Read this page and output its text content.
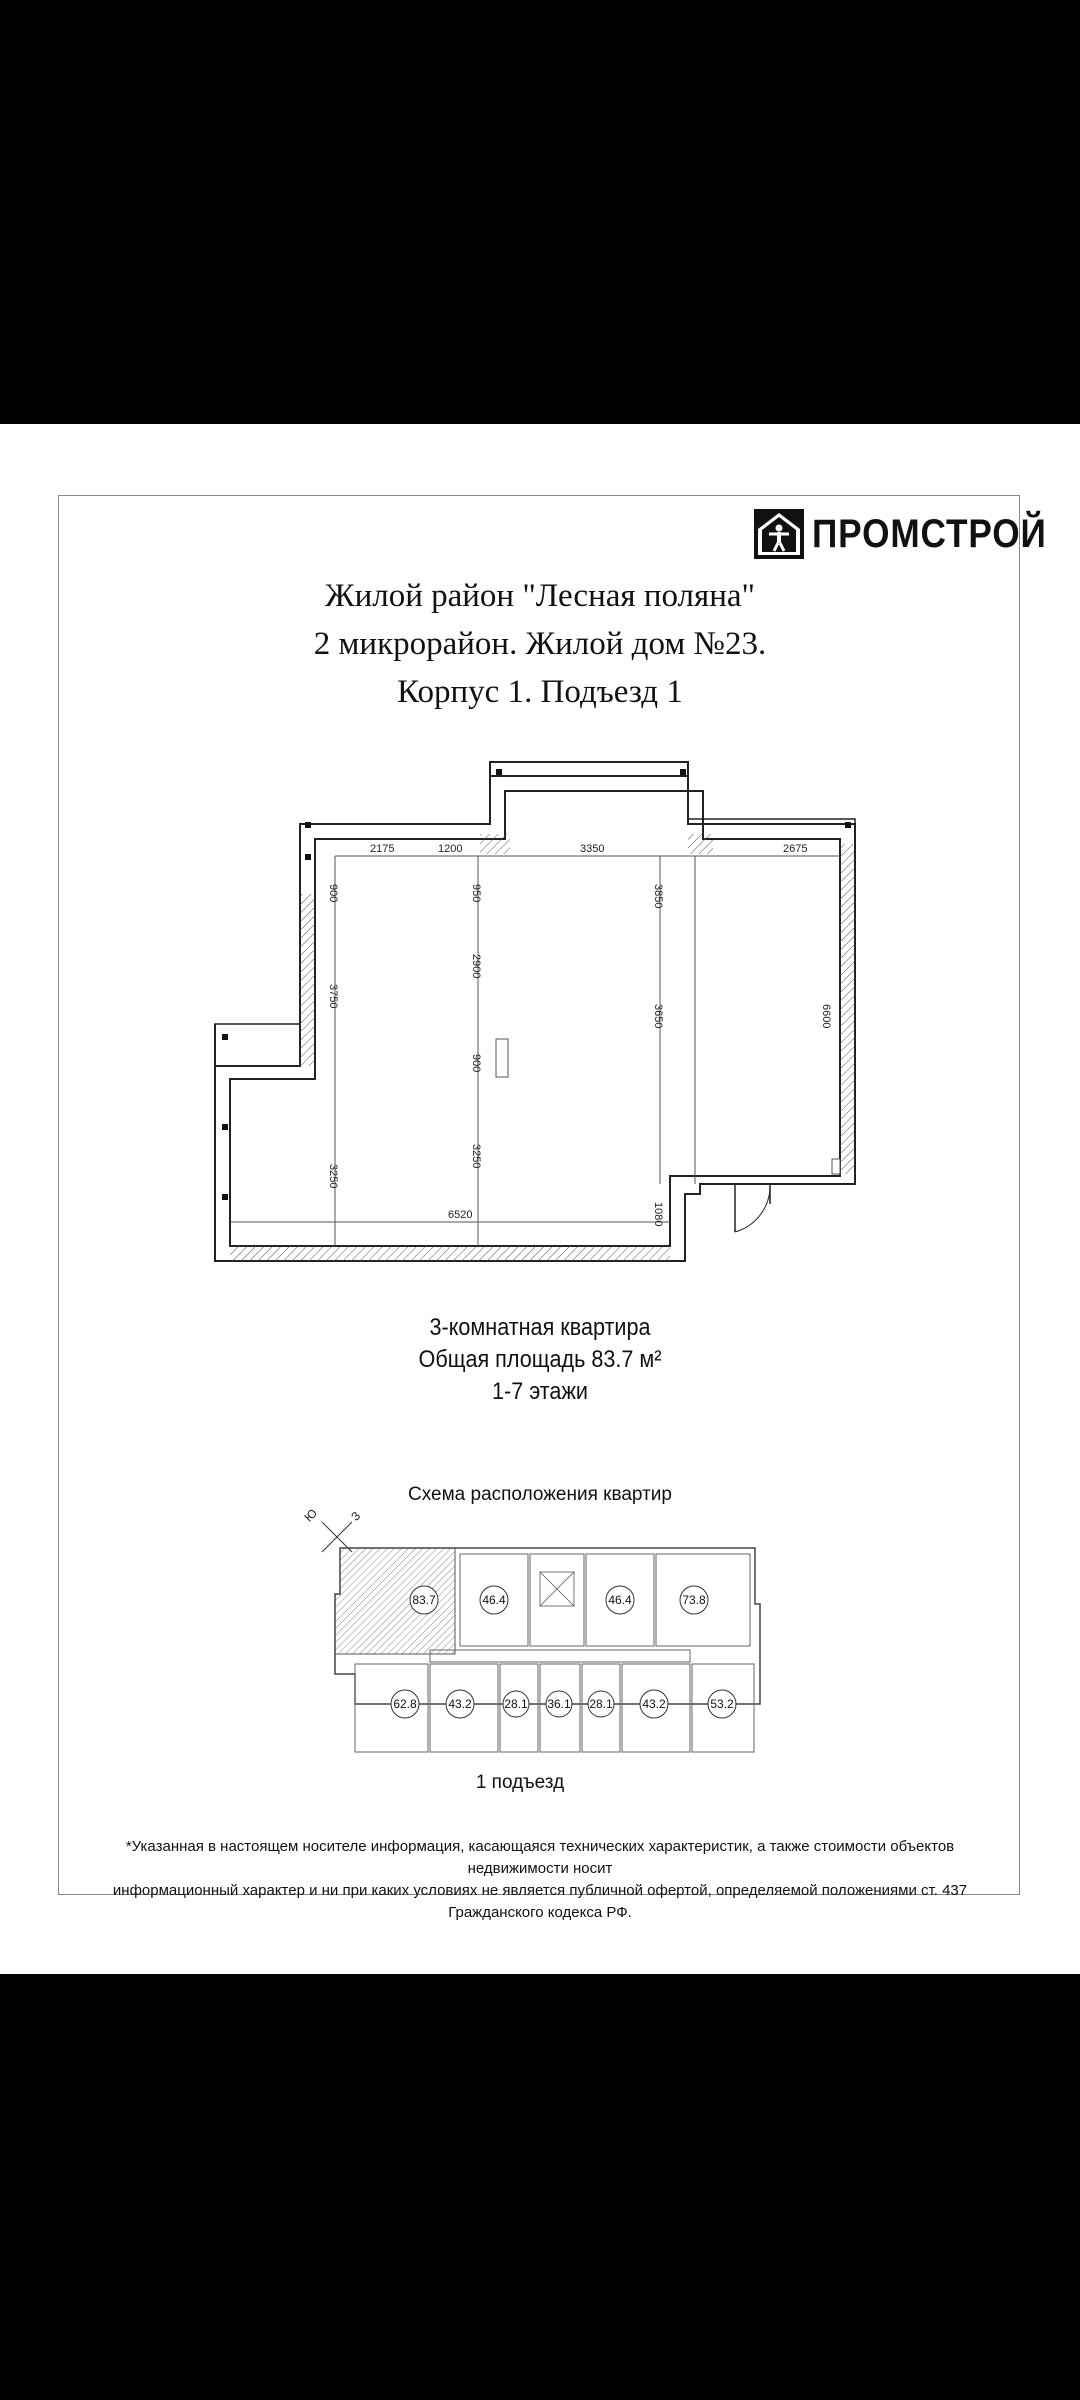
ПРОМСТРОЙ
Жилой район "Лесная поляна"
2 микрорайон. Жилой дом №23.
Корпус 1. Подъезд 1
2175	1200	3350	2675
900	950	3850
3750
2900
3650	6600
900
3250
3250
6520	1080
3-комнатная квартира
Общая площадь 83.7 м²
1-7 этажи
Схема расположения квартир
Ю З
83.7	46.4	46.4	73.8
62.8	43.2	28.1 36.1 28.1 43.2	53.2
1 подъезд
*Указанная в настоящем носителе информация, касающаяся технических характеристик, а также стоимости объектов недвижимости носит
информационный характер и ни при каких условиях не является публичной офертой, определяемой положениями ст. 437 Гражданского кодекса РФ.
